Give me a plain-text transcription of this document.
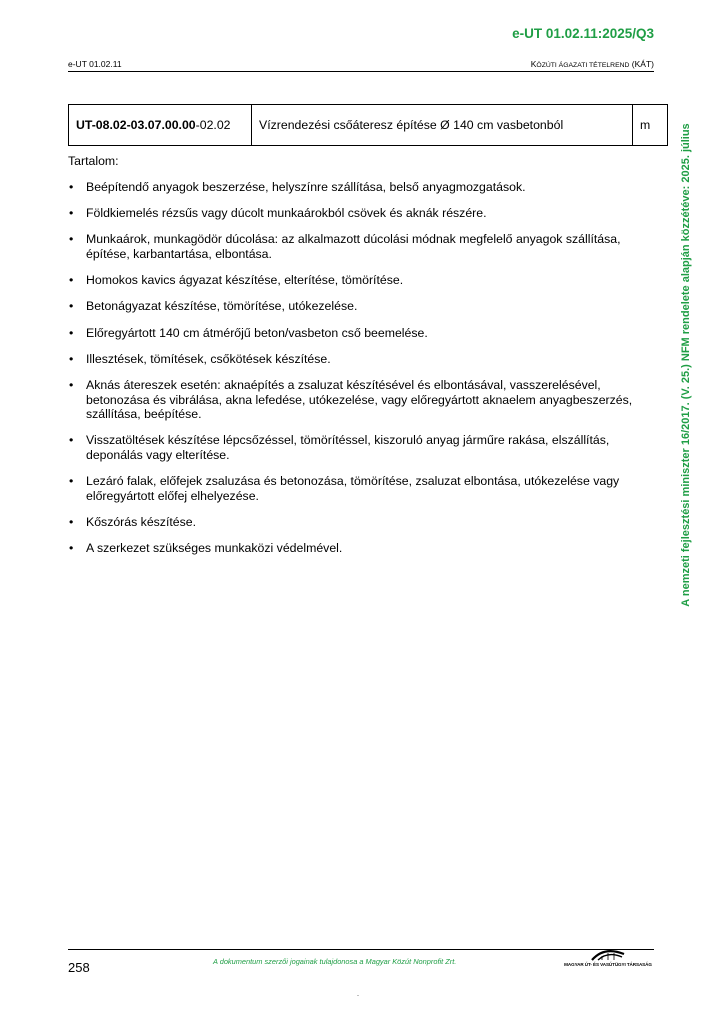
e-UT 01.02.11:2025/Q3
e-UT 01.02.11	KÖZÚTI ÁGAZATI TÉTELREND (KÁT)
UT-08.02-03.07.00.00-02.02	Vízrendezési csőáteresz építése Ø 140 cm vasbetonból	m
Tartalom:
• Beépítendő anyagok beszerzése, helyszínre szállítása, belső anyagmozgatások.
• Földkiemelés rézsűs vagy dúcolt munkaárokból csövek és aknák részére.
• Munkaárok, munkagödör dúcolása: az alkalmazott dúcolási módnak megfelelő anyagok szállítása, építése, karbantartása, elbontása.
• Homokos kavics ágyazat készítése, elterítése, tömörítése.
• Betonágyazat készítése, tömörítése, utókezelése.
• Előregyártott 140 cm átmérőjű beton/vasbeton cső beemelése.
• Illesztések, tömítések, csőkötések készítése.
• Aknás átereszek esetén: aknaépítés a zsaluzat készítésével és elbontásával, vasszerelésével, betonozása és vibrálása, akna lefedése, utókezelése, vagy előregyártott aknaelem anyagbeszerzés, szállítása, beépítése.
• Visszatöltések készítése lépcsőzéssel, tömörítéssel, kiszoruló anyag járműre rakása, elszállítás, deponálás vagy elterítése.
• Lezáró falak, előfejek zsaluzása és betonozása, tömörítése, zsaluzat elbontása, utókezelése vagy előregyártott előfej elhelyezése.
• Kőszórás készítése.
• A szerkezet szükséges munkaközi védelmével.	A nemzeti fejlesztési miniszter 16/2017. (V. 25.) NFM rendelete alapján közzétéve: 2025. július
258	A dokumentum szerzői jogainak tulajdonosa a Magyar Közút Nonprofit Zrt.	MAGYAR ÚT- ÉS VASÚTÜGYI TÁRSASÁG
